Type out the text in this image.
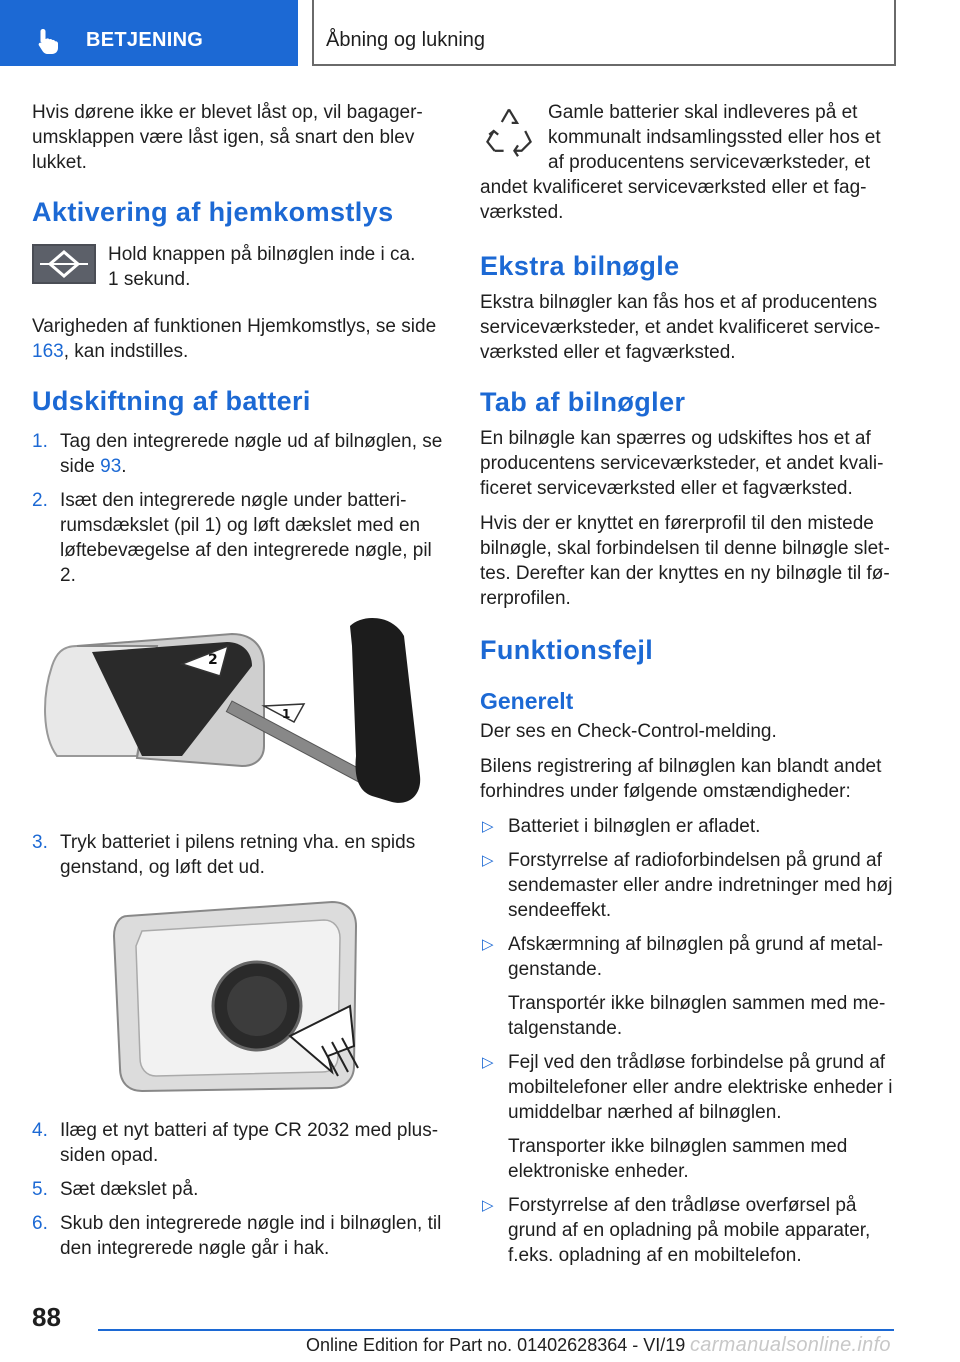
BETJENING	Åbning og lukning

Hvis dørene ikke er blevet låst op, vil bagagerumsklappen være låst igen, så snart den blev lukket.

Aktivering af hjemkomstlys

Hold knappen på bilnøglen inde i ca. 1 sekund.

Varigheden af funktionen Hjemkomstlys, se side 163, kan indstilles.

Udskiftning af batteri
1. Tag den integrerede nøgle ud af bilnøglen, se side 93.
2. Isæt den integrerede nøgle under batterirumsdækslet (pil 1) og løft dækslet med en løftebevægelse af den integrerede nøgle, pil 2.
2
1
3. Tryk batteriet i pilens retning vha. en spids genstand, og løft det ud.
4. Ilæg et nyt batteri af type CR 2032 med plussiden opad.
5. Sæt dækslet på.
6. Skub den integrerede nøgle ind i bilnøglen, til den integrerede nøgle går i hak.

Gamle batterier skal indleveres på et kommunalt indsamlingssted eller hos et af producentens serviceværksteder, et andet kvalificeret serviceværksted eller et fagværksted.

Ekstra bilnøgle

Ekstra bilnøgler kan fås hos et af producentens serviceværksteder, et andet kvalificeret serviceværksted eller et fagværksted.

Tab af bilnøgler

En bilnøgle kan spærres og udskiftes hos et af producentens serviceværksteder, et andet kvalificeret serviceværksted eller et fagværksted.

Hvis der er knyttet en førerprofil til den mistede bilnøgle, skal forbindelsen til denne bilnøgle slettes. Derefter kan der knyttes en ny bilnøgle til førerprofilen.

Funktionsfejl
Generelt

Der ses en Check-Control-melding.

Bilens registrering af bilnøglen kan blandt andet forhindres under følgende omstændigheder:

▷ Batteriet i bilnøglen er afladet.
▷ Forstyrrelse af radioforbindelsen på grund af sendemaster eller andre indretninger med høj sendeeffekt.
▷ Afskærmning af bilnøglen på grund af metalgenstande.

Transportér ikke bilnøglen sammen med metalgenstande.

▷ Fejl ved den trådløse forbindelse på grund af mobiltelefoner eller andre elektriske enheder i umiddelbar nærhed af bilnøglen.

Transporter ikke bilnøglen sammen med elektroniske enheder.

▷ Forstyrrelse af den trådløse overførsel på grund af en opladning på mobile apparater, f.eks. opladning af en mobiltelefon.
88
Online Edition for Part no. 01402628364 - VI/19 carmanualsonline.info
